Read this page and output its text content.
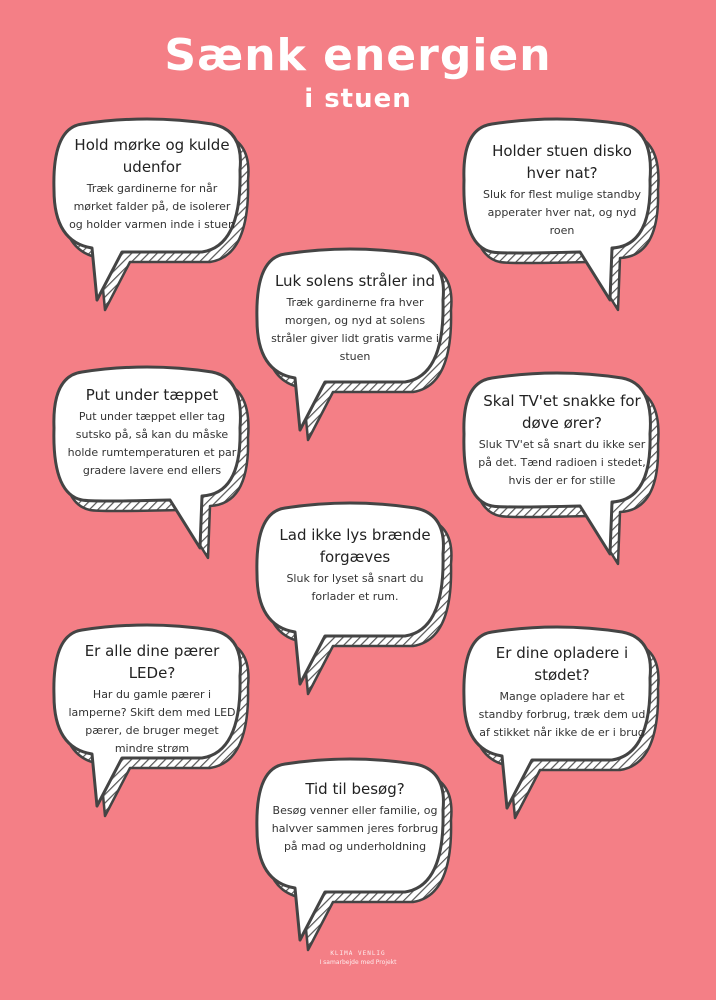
Sænk energien
i stuen
Hold mørke og kulde udenfor
Træk gardinerne for når mørket falder på, de isolerer og holder varmen inde i stuen
Holder stuen disko hver nat?
Sluk for flest mulige standby apperater hver nat, og nyd roen
Luk solens stråler ind
Træk gardinerne fra hver morgen, og nyd at solens stråler giver lidt gratis varme i stuen
Put under tæppet
Put under tæppet eller tag sutsko på, så kan du måske holde rumtemperaturen et par gradere lavere end ellers
Skal TV'et snakke for døve ører?
Sluk TV'et så snart du ikke ser på det. Tænd radioen i stedet, hvis der er for stille
Lad ikke lys brænde forgæves
Sluk for lyset så snart du forlader et rum.
Er alle dine pærer LEDe?
Har du gamle pærer i lamperne? Skift dem med LED pærer, de bruger meget mindre strøm
Er dine opladere i stødet?
Mange opladere har et standby forbrug, træk dem ud af stikket når ikke de er i brug
Tid til besøg?
Besøg venner eller familie, og halvver sammen jeres forbrug på mad og underholdning
KLIMA VENLIG
I samarbejde med Projekt
